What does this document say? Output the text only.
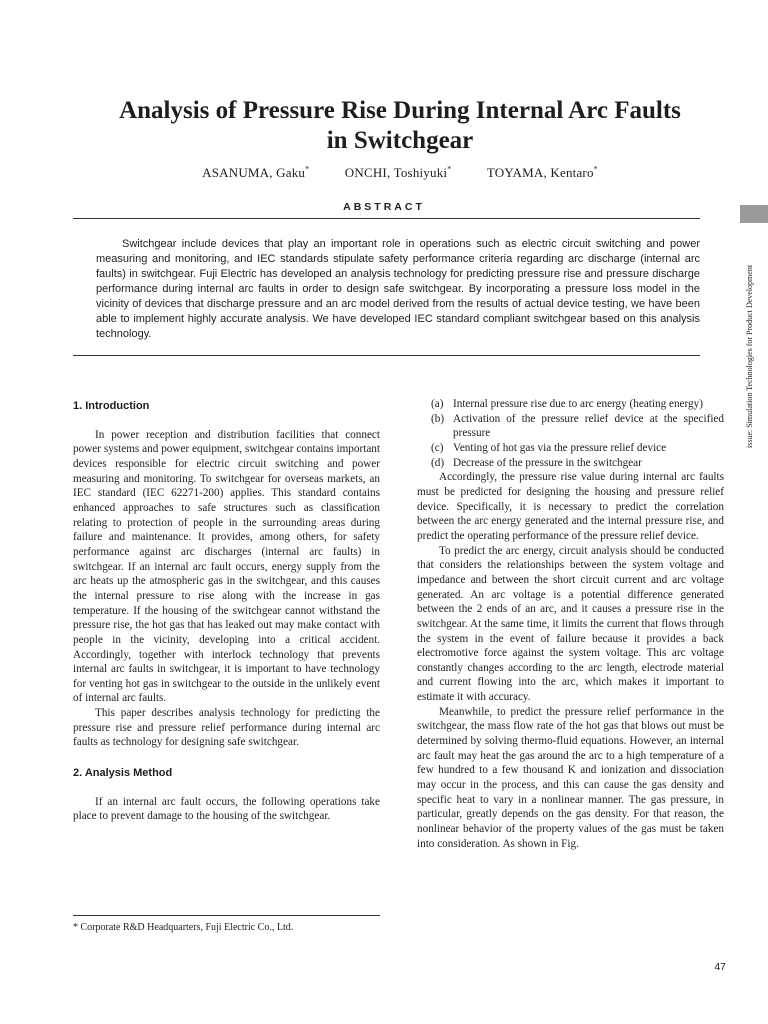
Analysis of Pressure Rise During Internal Arc Faults
in Switchgear
ASANUMA, Gaku*	ONCHI, Toshiyuki*	TOYAMA, Kentaro*
ABSTRACT

Switchgear include devices that play an important role in operations such as electric circuit switching and power measuring and monitoring, and IEC standards stipulate safety performance criteria regarding arc discharge (internal arc faults) in switchgear. Fuji Electric has developed an analysis technology for predicting pressure rise and pressure discharge performance during internal arc faults in order to design safe switchgear. By incorporating a pressure loss model in the vicinity of devices that discharge pressure and an arc model derived from the results of actual device testing, we have been able to implement highly accurate analysis. We have developed IEC standard compliant switchgear based on this analysis technology.	issue: Simulation Technologies for Product Development
1. Introduction

In power reception and distribution facilities that connect power systems and power equipment, switchgear contains important devices responsible for electric circuit switching and power measuring and monitoring. To switchgear for overseas markets, an IEC standard (IEC 62271-200) applies. This standard contains enhanced approaches to safe structures such as classification relating to protection of people in the surrounding areas during failure and maintenance. It provides, among others, for safety performance against arc discharges (internal arc faults) in switchgear. If an internal arc fault occurs, energy supply from the arc heats up the atmospheric gas in the switchgear, and this causes the internal pressure to rise along with the increase in gas temperature. If the housing of the switchgear cannot withstand the pressure rise, the hot gas that has leaked out may make contact with people in the vicinity, developing into a critical accident. Accordingly, together with interlock technology that prevents internal arc faults in switchgear, it is important to have technology for venting hot gas in switchgear to the outside in the unlikely event of internal arc faults.

This paper describes analysis technology for predicting the pressure rise and pressure relief performance during internal arc faults as technology for designing safe switchgear.

2. Analysis Method

If an internal arc fault occurs, the following operations take place to prevent damage to the housing of the switchgear.

(a) Internal pressure rise due to arc energy (heating energy)
(b) Activation of the pressure relief device at the specified pressure
(c) Venting of hot gas via the pressure relief device
(d) Decrease of the pressure in the switchgear

Accordingly, the pressure rise value during internal arc faults must be predicted for designing the housing and pressure relief device. Specifically, it is necessary to predict the correlation between the arc energy generated and the internal pressure rise, and predict the operating performance of the pressure relief device.

To predict the arc energy, circuit analysis should be conducted that considers the relationships between the system voltage and impedance and between the short circuit current and arc voltage generated. An arc voltage is a potential difference generated between the 2 ends of an arc, and it causes a pressure rise in the switchgear. At the same time, it limits the current that flows through the system in the event of failure because it provides a back electromotive force against the system voltage. This arc voltage constantly changes according to the arc length, electrode material and current flowing into the arc, which makes it important to estimate it with accuracy.

Meanwhile, to predict the pressure relief performance in the switchgear, the mass flow rate of the hot gas that blows out must be determined by solving thermo-fluid equations. However, an internal arc fault may heat the gas around the arc to a high temperature of a few hundred to a few thousand K and ionization and dissociation may occur in the process, and this can cause the gas density and specific heat to vary in a nonlinear manner. The gas pressure, in particular, greatly depends on the gas density. For that reason, the nonlinear behavior of the property values of the gas must be taken into consideration. As shown in Fig.

* Corporate R&D Headquarters, Fuji Electric Co., Ltd.
47
